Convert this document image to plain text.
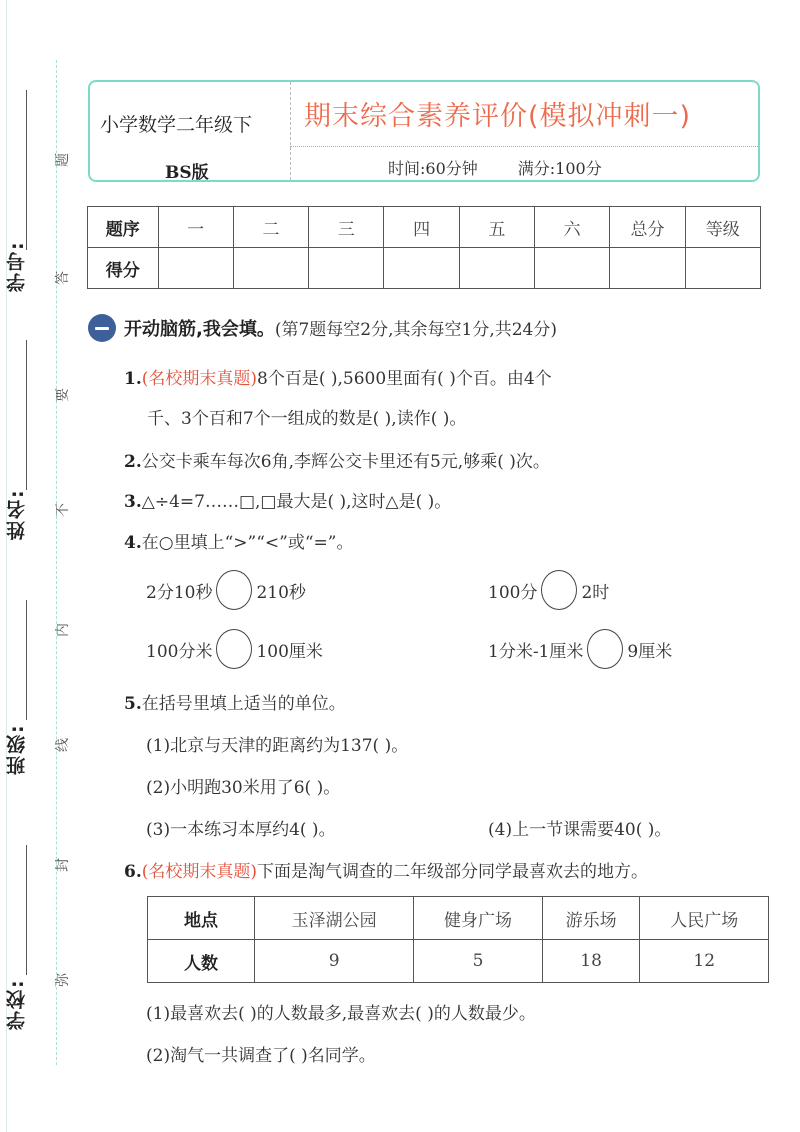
学号:
姓名:
班级:
学校:
题
答
要
不
内
线
封
弥
小学数学二年级下
BS版
期末综合素养评价(模拟冲刺一)
时间:60分钟	满分:100分
题序	一	二	三	四	五	六	总分	等级
得分								
开动脑筋,我会填。(第7题每空2分,其余每空1分,共24分)
1.(名校期末真题)8个百是( ),5600里面有( )个百。由4个
千、3个百和7个一组成的数是( ),读作( )。
2.公交卡乘车每次6角,李辉公交卡里还有5元,够乘( )次。
3.△÷4=7……□,□最大是( ),这时△是( )。
4.在○里填上“>”“<”或“=”。
2分10秒	210秒	100分	2时
100分米	100厘米	1分米-1厘米	9厘米
5.在括号里填上适当的单位。
(1)北京与天津的距离约为137( )。
(2)小明跑30米用了6( )。
(3)一本练习本厚约4( )。	(4)上一节课需要40( )。
6.(名校期末真题)下面是淘气调查的二年级部分同学最喜欢去的地方。
地点	玉泽湖公园	健身广场	游乐场	人民广场
人数	9	5	18	12
(1)最喜欢去( )的人数最多,最喜欢去( )的人数最少。
(2)淘气一共调查了( )名同学。
